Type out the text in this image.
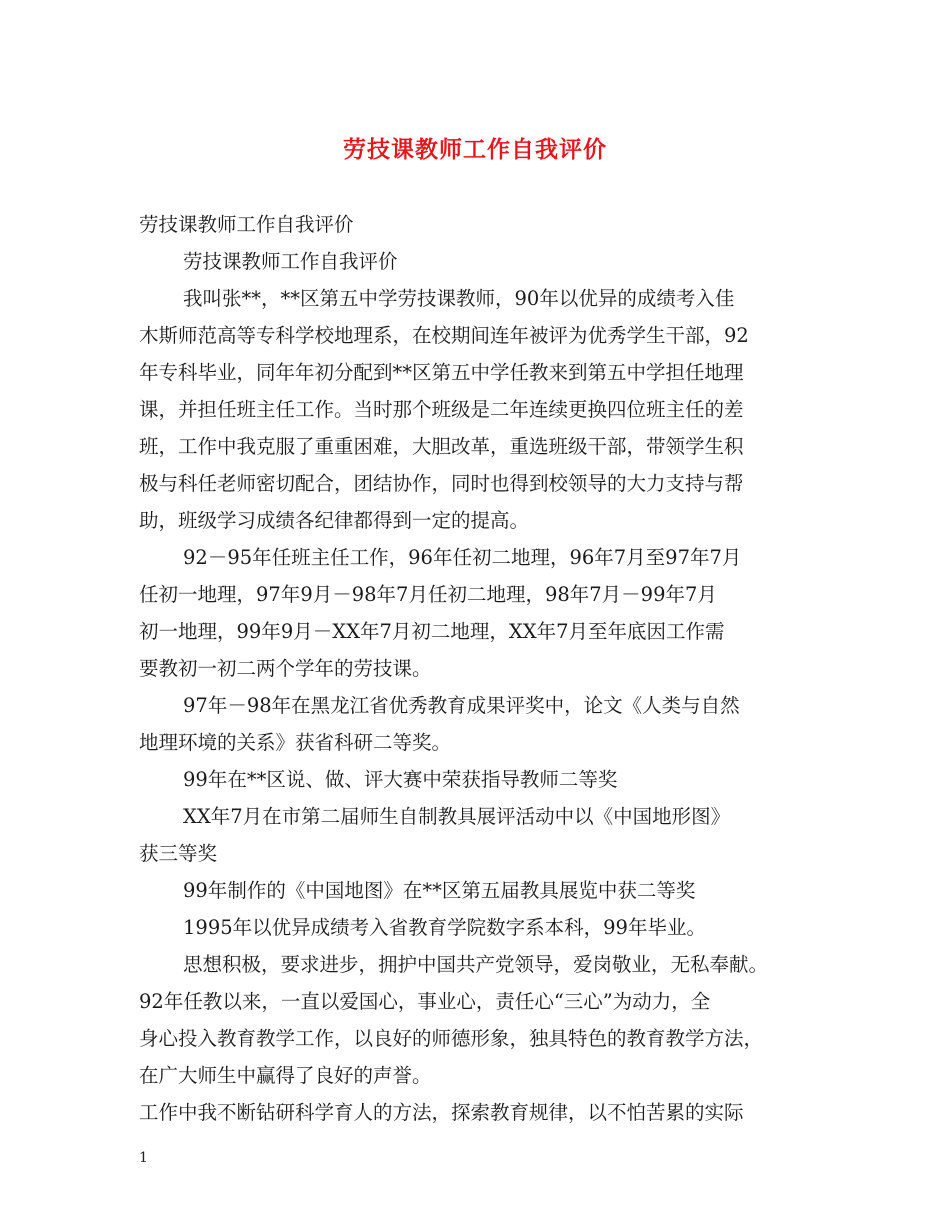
劳技课教师工作自我评价

劳技课教师工作自我评价

劳技课教师工作自我评价

我叫张**，**区第五中学劳技课教师，90年以优异的成绩考入佳

木斯师范高等专科学校地理系，在校期间连年被评为优秀学生干部，92

年专科毕业，同年年初分配到**区第五中学任教来到第五中学担任地理

课，并担任班主任工作。当时那个班级是二年连续更换四位班主任的差

班，工作中我克服了重重困难，大胆改革，重选班级干部，带领学生积

极与科任老师密切配合，团结协作，同时也得到校领导的大力支持与帮

助，班级学习成绩各纪律都得到一定的提高。

92－95年任班主任工作，96年任初二地理，96年7月至97年7月

任初一地理，97年9月－98年7月任初二地理，98年7月－99年7月

初一地理，99年9月－XX年7月初二地理，XX年7月至年底因工作需

要教初一初二两个学年的劳技课。

97年－98年在黑龙江省优秀教育成果评奖中，论文《人类与自然

地理环境的关系》获省科研二等奖。

99年在**区说、做、评大赛中荣获指导教师二等奖

XX年7月在市第二届师生自制教具展评活动中以《中国地形图》

获三等奖

99年制作的《中国地图》在**区第五届教具展览中获二等奖

1995年以优异成绩考入省教育学院数字系本科，99年毕业。

思想积极，要求进步，拥护中国共产党领导，爱岗敬业，无私奉献。

92年任教以来，一直以爱国心，事业心，责任心“三心”为动力，全

身心投入教育教学工作，以良好的师德形象，独具特色的教育教学方法，

在广大师生中赢得了良好的声誉。

工作中我不断钻研科学育人的方法，探索教育规律，以不怕苦累的实际

1
